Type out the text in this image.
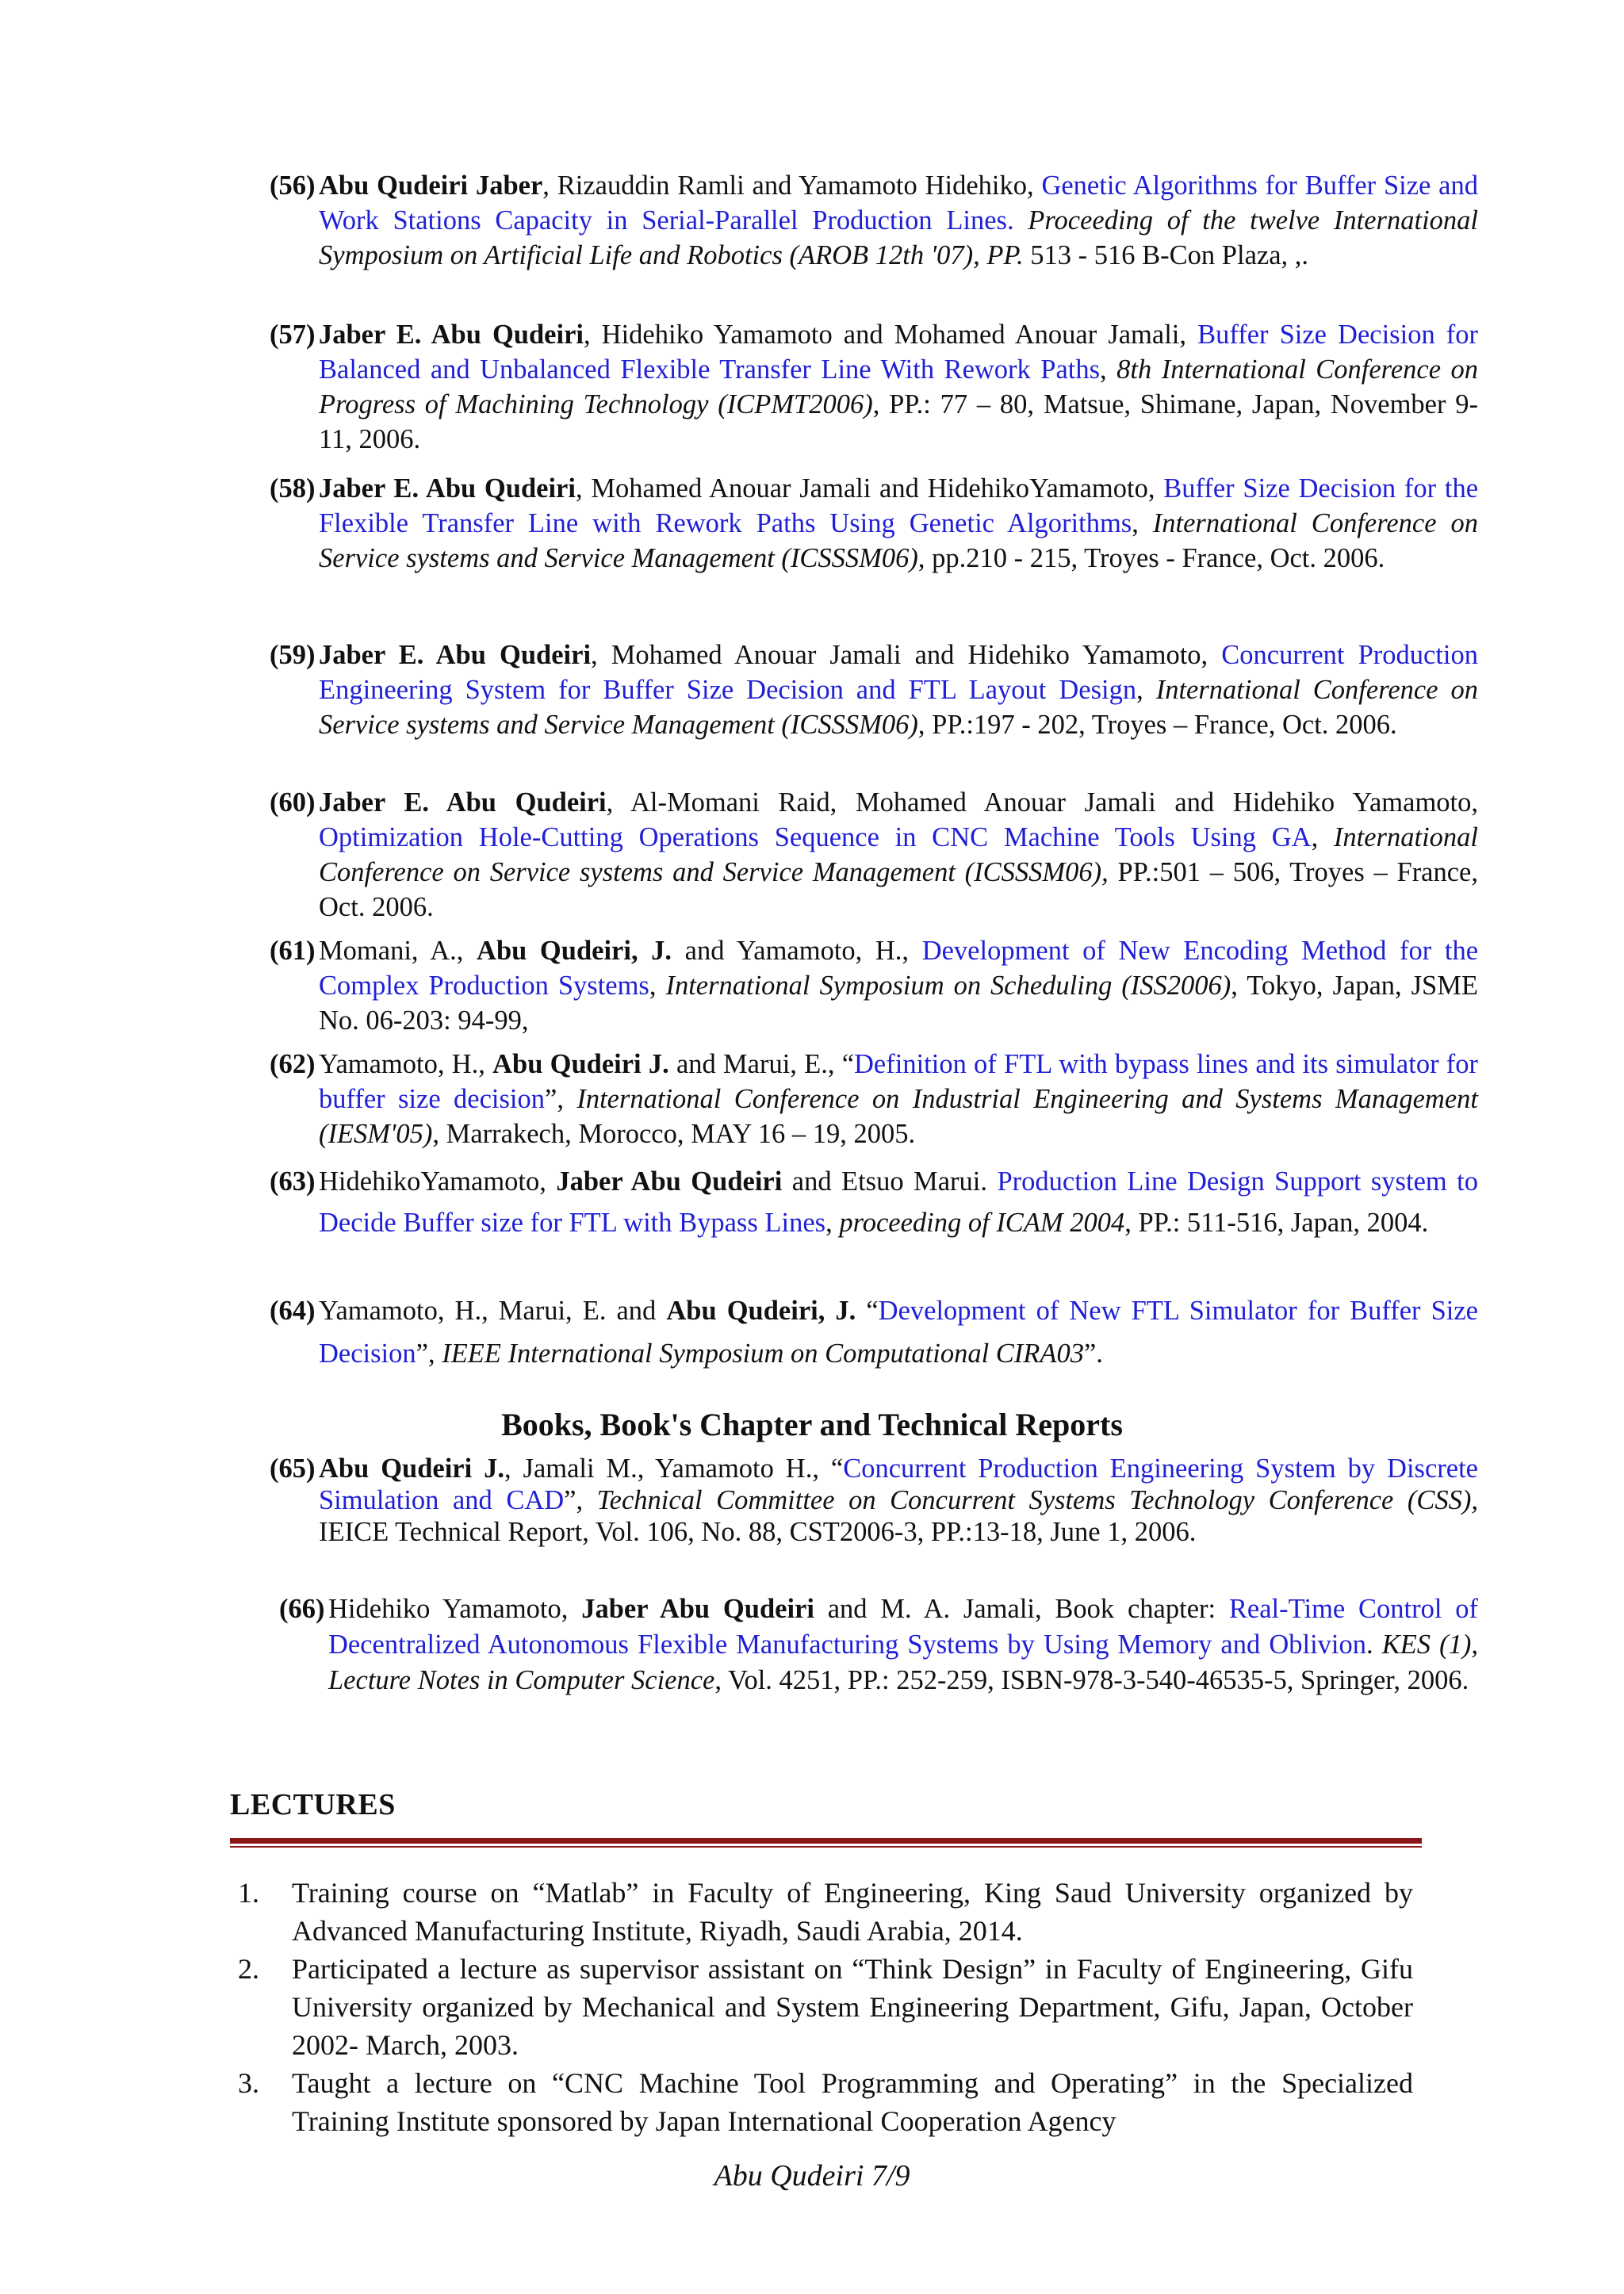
(56) Abu Qudeiri Jaber, Rizauddin Ramli and Yamamoto Hidehiko, Genetic Algorithms for Buffer Size and Work Stations Capacity in Serial-Parallel Production Lines. Proceeding of the twelve International Symposium on Artificial Life and Robotics (AROB 12th '07), PP. 513 - 516 B-Con Plaza, ,.
(57) Jaber E. Abu Qudeiri, Hidehiko Yamamoto and Mohamed Anouar Jamali, Buffer Size Decision for Balanced and Unbalanced Flexible Transfer Line With Rework Paths, 8th International Conference on Progress of Machining Technology (ICPMT2006), PP.: 77 – 80, Matsue, Shimane, Japan, November 9-11, 2006.
(58) Jaber E. Abu Qudeiri, Mohamed Anouar Jamali and HidehikoYamamoto, Buffer Size Decision for the Flexible Transfer Line with Rework Paths Using Genetic Algorithms, International Conference on Service systems and Service Management (ICSSSM06), pp.210 - 215, Troyes - France, Oct. 2006.
(59) Jaber E. Abu Qudeiri, Mohamed Anouar Jamali and Hidehiko Yamamoto, Concurrent Production Engineering System for Buffer Size Decision and FTL Layout Design, International Conference on Service systems and Service Management (ICSSSM06), PP.:197 - 202, Troyes – France, Oct. 2006.
(60) Jaber E. Abu Qudeiri, Al-Momani Raid, Mohamed Anouar Jamali and Hidehiko Yamamoto, Optimization Hole-Cutting Operations Sequence in CNC Machine Tools Using GA, International Conference on Service systems and Service Management (ICSSSM06), PP.:501 – 506, Troyes – France, Oct. 2006.
(61) Momani, A., Abu Qudeiri, J. and Yamamoto, H., Development of New Encoding Method for the Complex Production Systems, International Symposium on Scheduling (ISS2006), Tokyo, Japan, JSME No. 06-203: 94-99,
(62) Yamamoto, H., Abu Qudeiri J. and Marui, E., “Definition of FTL with bypass lines and its simulator for buffer size decision”, International Conference on Industrial Engineering and Systems Management (IESM'05), Marrakech, Morocco, MAY 16 – 19, 2005.
(63) HidehikoYamamoto, Jaber Abu Qudeiri and Etsuo Marui. Production Line Design Support system to Decide Buffer size for FTL with Bypass Lines, proceeding of ICAM 2004, PP.: 511-516, Japan, 2004.
(64) Yamamoto, H., Marui, E. and Abu Qudeiri, J. “Development of New FTL Simulator for Buffer Size Decision”, IEEE International Symposium on Computational CIRA03”.
(65) Abu Qudeiri J., Jamali M., Yamamoto H., “Concurrent Production Engineering System by Discrete Simulation and CAD”, Technical Committee on Concurrent Systems Technology Conference (CSS), IEICE Technical Report, Vol. 106, No. 88, CST2006-3, PP.:13-18, June 1, 2006.
(66) Hidehiko Yamamoto, Jaber Abu Qudeiri and M. A. Jamali, Book chapter: Real-Time Control of Decentralized Autonomous Flexible Manufacturing Systems by Using Memory and Oblivion. KES (1), Lecture Notes in Computer Science, Vol. 4251, PP.: 252-259, ISBN-978-3-540-46535-5, Springer, 2006.
Books, Book's Chapter and Technical Reports
LECTURES
1. Training course on “Matlab” in Faculty of Engineering, King Saud University organized by Advanced Manufacturing Institute, Riyadh, Saudi Arabia, 2014.
2. Participated a lecture as supervisor assistant on “Think Design” in Faculty of Engineering, Gifu University organized by Mechanical and System Engineering Department, Gifu, Japan, October 2002- March, 2003.
3. Taught a lecture on “CNC Machine Tool Programming and Operating” in the Specialized Training Institute sponsored by Japan International Cooperation Agency
Abu Qudeiri 7/9
